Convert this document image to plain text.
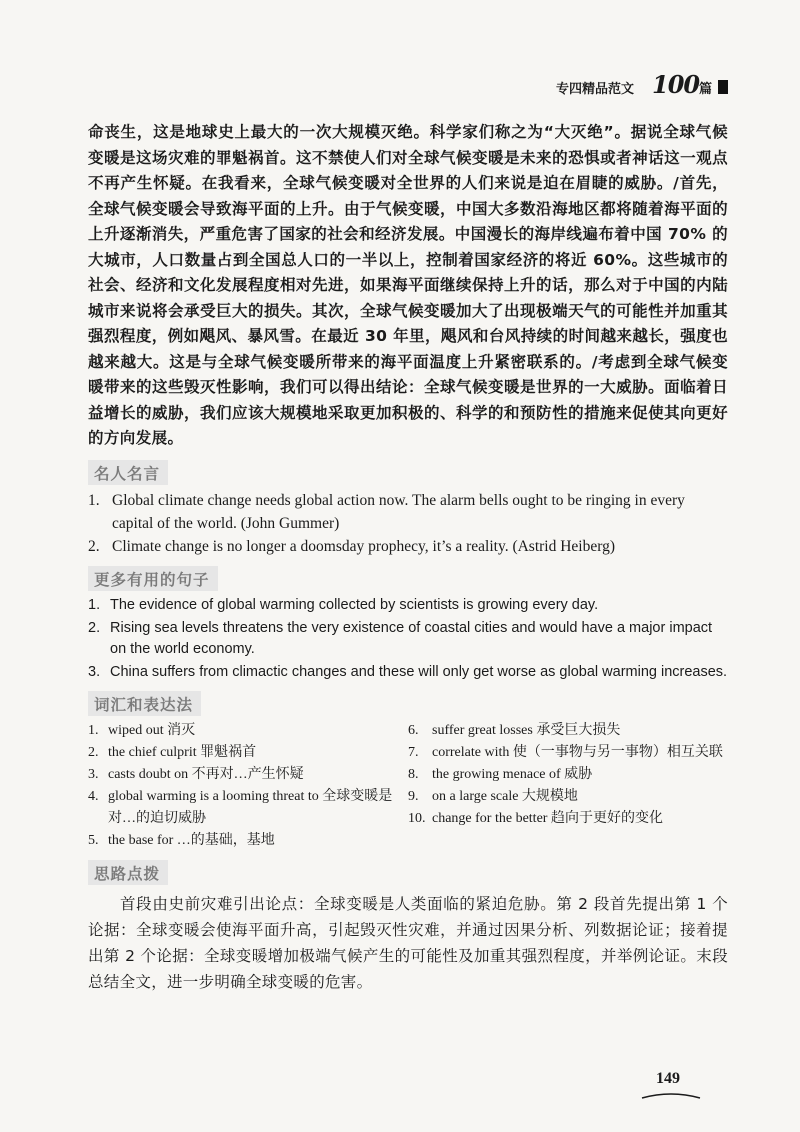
专四精品范文 100 篇

命丧生，这是地球史上最大的一次大规模灭绝。科学家们称之为“大灭绝”。据说全球气候变暖是这场灾难的罪魁祸首。这不禁使人们对全球气候变暖是未来的恐惧或者神话这一观点不再产生怀疑。在我看来，全球气候变暖对全世界的人们来说是迫在眉睫的威胁。/首先，全球气候变暖会导致海平面的上升。由于气候变暖，中国大多数沿海地区都将随着海平面的上升逐渐消失，严重危害了国家的社会和经济发展。中国漫长的海岸线遍布着中国 70% 的大城市，人口数量占到全国总人口的一半以上，控制着国家经济的将近 60%。这些城市的社会、经济和文化发展程度相对先进，如果海平面继续保持上升的话，那么对于中国的内陆城市来说将会承受巨大的损失。其次，全球气候变暖加大了出现极端天气的可能性并加重其强烈程度，例如飓风、暴风雪。在最近 30 年里，飓风和台风持续的时间越来越长，强度也越来越大。这是与全球气候变暖所带来的海平面温度上升紧密联系的。/考虑到全球气候变暖带来的这些毁灭性影响，我们可以得出结论：全球气候变暖是世界的一大威胁。面临着日益增长的威胁，我们应该大规模地采取更加积极的、科学的和预防性的措施来促使其向更好的方向发展。

名人名言
1. Global climate change needs global action now. The alarm bells ought to be ringing in every capital of the world. (John Gummer)
2. Climate change is no longer a doomsday prophecy, it’s a reality. (Astrid Heiberg)
更多有用的句子
1. The evidence of global warming collected by scientists is growing every day.
2. Rising sea levels threatens the very existence of coastal cities and would have a major impact on the world economy.
3. China suffers from climactic changes and these will only get worse as global warming increases.
词汇和表达法
1. wiped out 消灭
2. the chief culprit 罪魁祸首
3. casts doubt on 不再对…产生怀疑
4. global warming is a looming threat to 全球变暖是对…的迫切威胁
5. the base for …的基础，基地
6. suffer great losses 承受巨大损失
7. correlate with 使（一事物与另一事物）相互关联
8. the growing menace of 威胁
9. on a large scale 大规模地
10. change for the better 趋向于更好的变化
思路点拨

首段由史前灾难引出论点：全球变暖是人类面临的紧迫危胁。第 2 段首先提出第 1 个论据：全球变暖会使海平面升高，引起毁灭性灾难，并通过因果分析、列数据论证；接着提出第 2 个论据：全球变暖增加极端气候产生的可能性及加重其强烈程度，并举例论证。末段总结全文，进一步明确全球变暖的危害。

149
